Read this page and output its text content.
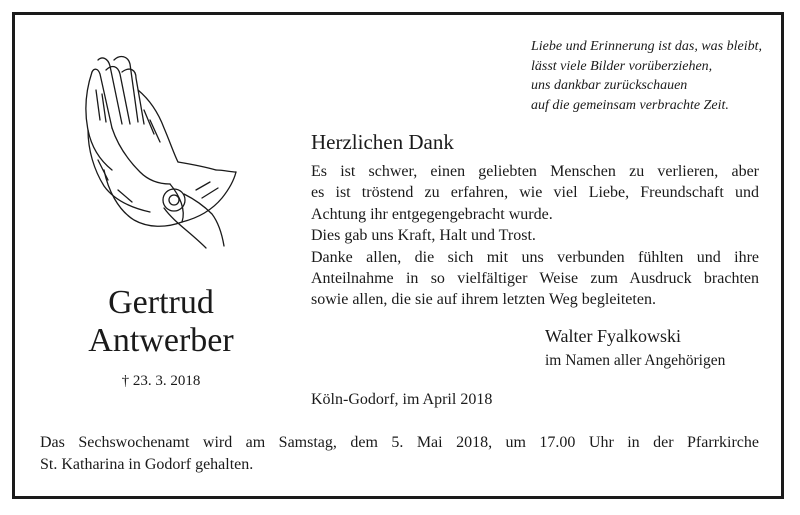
Liebe und Erinnerung ist das, was bleibt,
lässt viele Bilder vorüberziehen,
uns dankbar zurückschauen
auf die gemeinsam verbrachte Zeit.
Herzlichen Dank
Es ist schwer, einen geliebten Menschen zu verlieren, aber
es ist tröstend zu erfahren, wie viel Liebe, Freundschaft und
Achtung ihr entgegengebracht wurde.
Dies gab uns Kraft, Halt und Trost.
Danke allen, die sich mit uns verbunden fühlten und ihre
Anteilnahme in so vielfältiger Weise zum Ausdruck brachten
sowie allen, die sie auf ihrem letzten Weg begleiteten.
Gertrud
Antwerber
† 23. 3. 2018
Walter Fyalkowski
im Namen aller Angehörigen
Köln-Godorf, im April 2018
Das Sechswochenamt wird am Samstag, dem 5. Mai 2018, um 17.00 Uhr in der Pfarrkirche
St. Katharina in Godorf gehalten.
